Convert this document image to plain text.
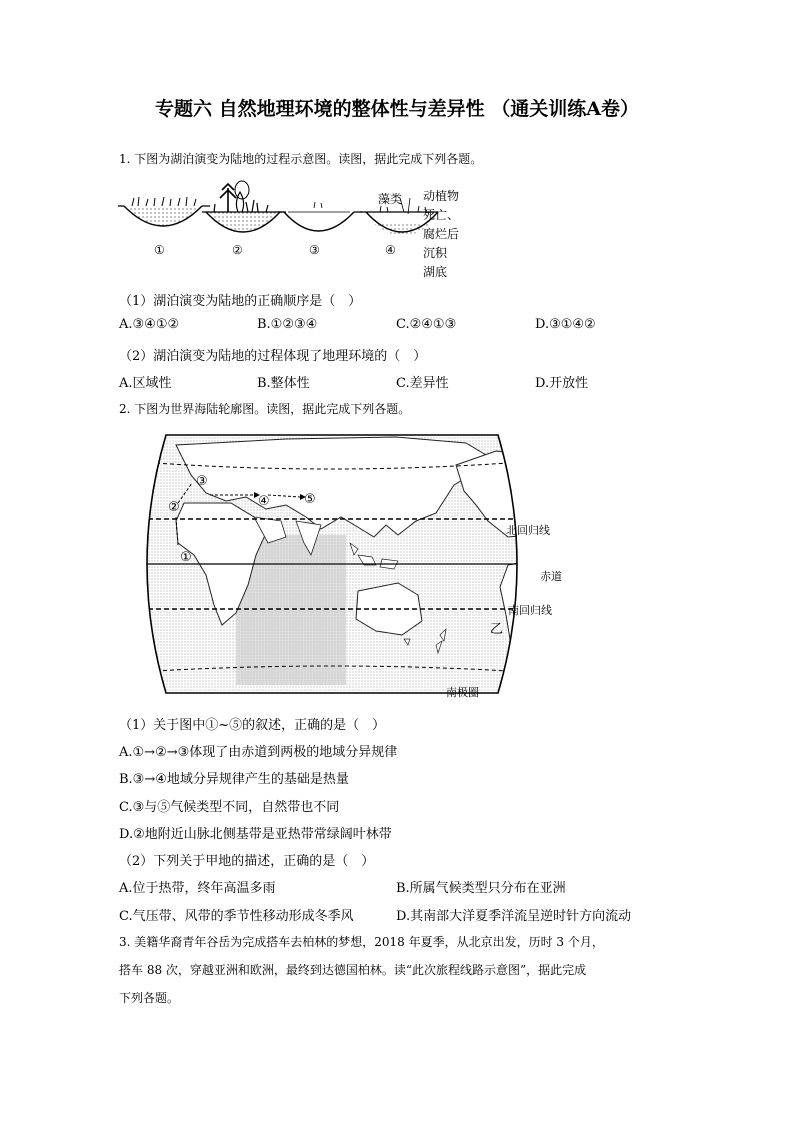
专题六 自然地理环境的整体性与差异性 （通关训练A卷）
1. 下图为湖泊演变为陆地的过程示意图。读图，据此完成下列各题。
①	②	③	④
藻类 动植物
死亡、
腐烂后
沉积
湖底
（1）湖泊演变为陆地的正确顺序是（　）
A.③④①②	B.①②③④	C.②④①③	D.③①④②
（2）湖泊演变为陆地的过程体现了地理环境的（　）
A.区域性	B.整体性	C.差异性	D.开放性
2. 下图为世界海陆轮廓图。读图，据此完成下列各题。
①
②
③
④	⑤
北回归线
赤道
南回归线
南极圈
乙
（1）关于图中①~⑤的叙述，正确的是（　）
A.①→②→③体现了由赤道到两极的地域分异规律
B.③→④地域分异规律产生的基础是热量
C.③与⑤气候类型不同，自然带也不同
D.②地附近山脉北侧基带是亚热带常绿阔叶林带
（2）下列关于甲地的描述，正确的是（　）
A.位于热带，终年高温多雨	B.所属气候类型只分布在亚洲
C.气压带、风带的季节性移动形成冬季风	D.其南部大洋夏季洋流呈逆时针方向流动
3. 美籍华裔青年谷岳为完成搭车去柏林的梦想，2018 年夏季，从北京出发，历时 3 个月，
搭车 88 次，穿越亚洲和欧洲，最终到达德国柏林。读“此次旅程线路示意图”，据此完成
下列各题。
